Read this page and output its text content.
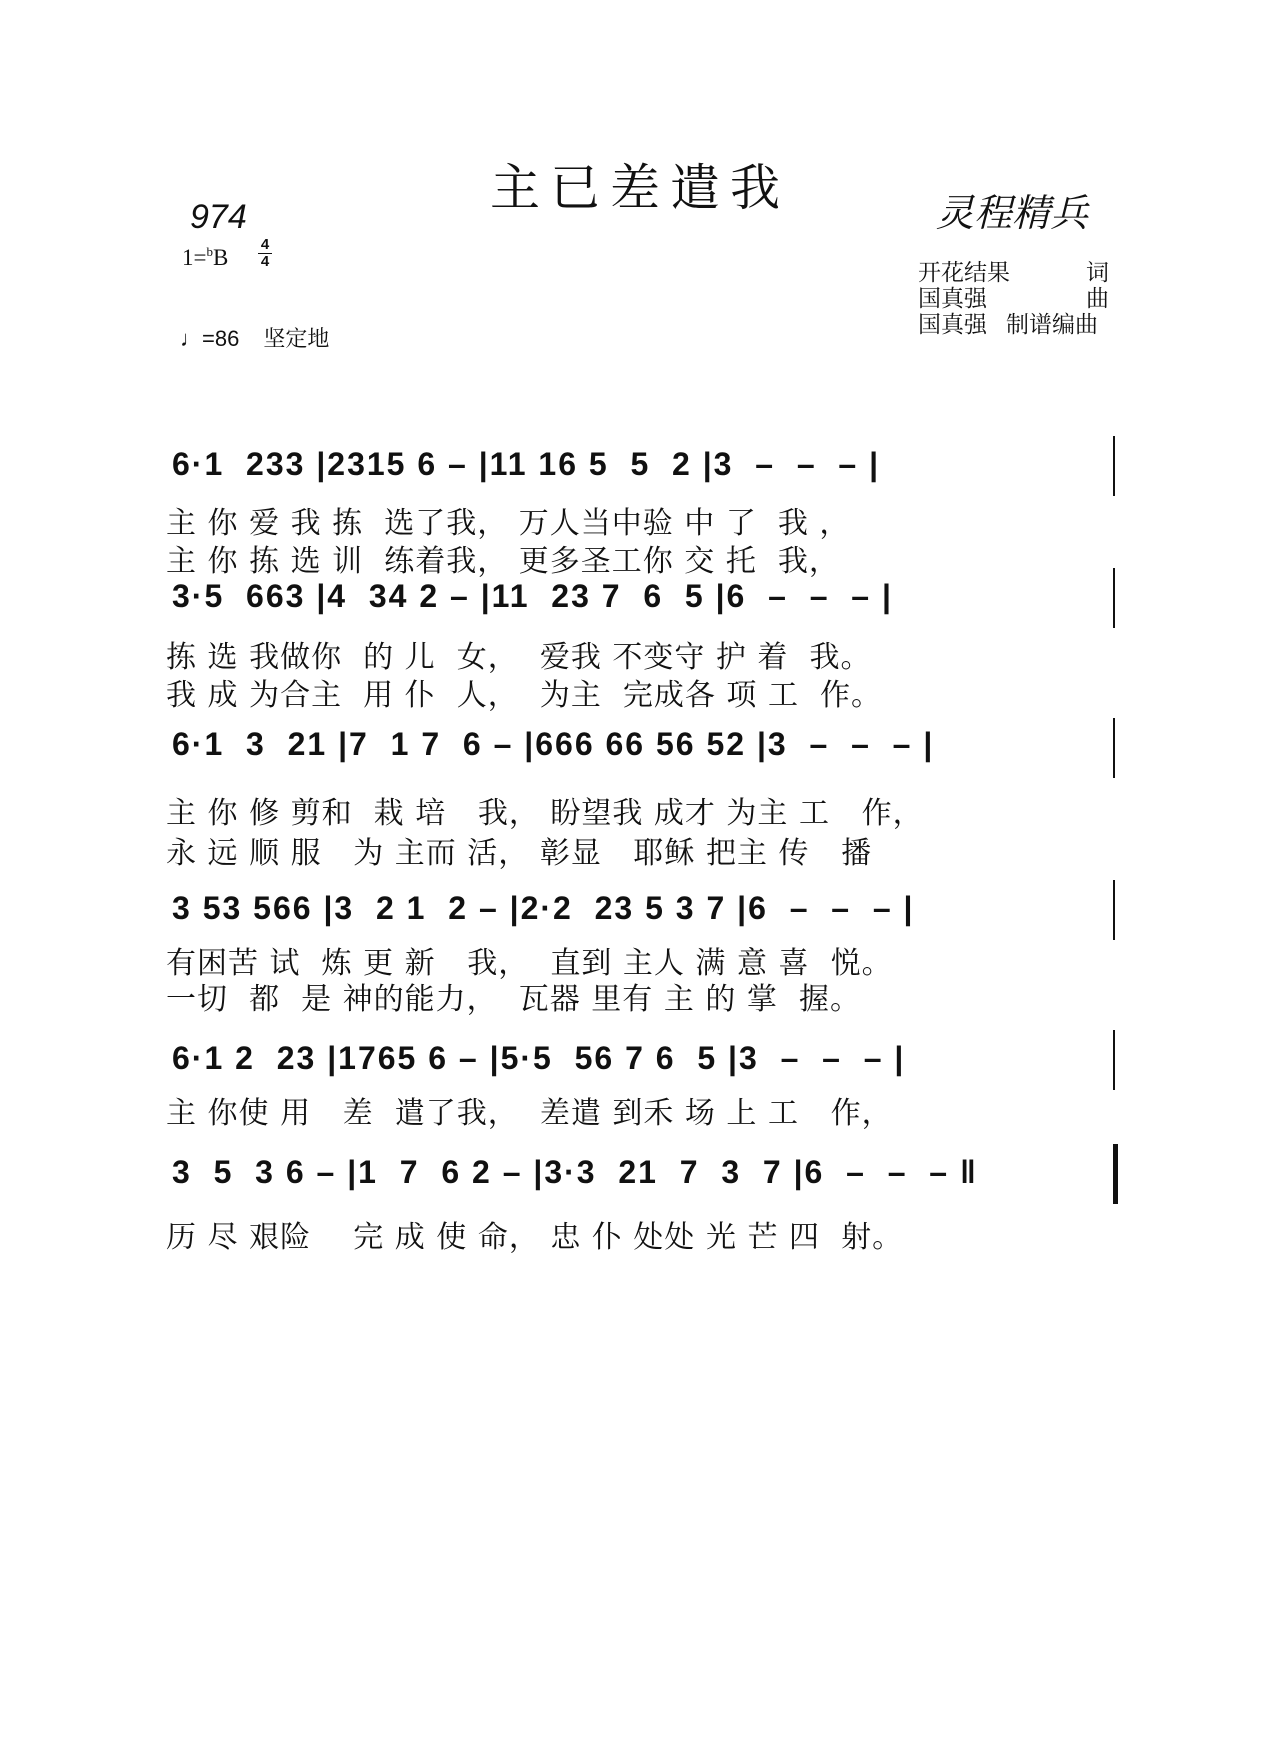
主已差遣我	灵程精兵
974
1=$^b$B
4
4
♩=86 坚定地
开花结果	词
国真强	曲
国真强 制谱编曲
6·1  233 |2315 6 – |11 16 5  5  2 |3  –  –  – |
主 你 爱 我 拣  选了我， 万人当中验 中 了  我 ，
主 你 拣 选 训  练着我， 更多圣工你 交 托  我，
3·5  663 |4  34 2 – |11  23 7  6  5 |6  –  –  – |
拣 选 我做你  的 儿  女，  爱我 不变守 护 着  我。
我 成 为合主  用 仆  人，  为主  完成各 项 工  作。
6·1  3  21 |7  1 7  6 – |666 66 56 52 |3  –  –  – |
主 你 修 剪和  栽 培   我， 盼望我 成才 为主 工   作，
永 远 顺 服   为 主而 活， 彰显   耶稣 把主 传   播
3 53 566 |3  2 1  2 – |2·2  23 5 3 7 |6  –  –  – |
有困苦 试  炼 更 新   我，  直到 主人 满 意 喜  悦。
一切  都  是 神的能力，  瓦器 里有 主 的 掌  握。
6·1 2  23 |1765 6 – |5·5  56 7 6  5 |3  –  –  – |
主 你使 用   差  遣了我，  差遣 到禾 场 上 工   作，
3  5  3 6 – |1  7  6 2 – |3·3  21  7  3  7 |6  –  –  – ‖
历 尽 艰险    完 成 使 命， 忠 仆 处处 光 芒 四  射。
